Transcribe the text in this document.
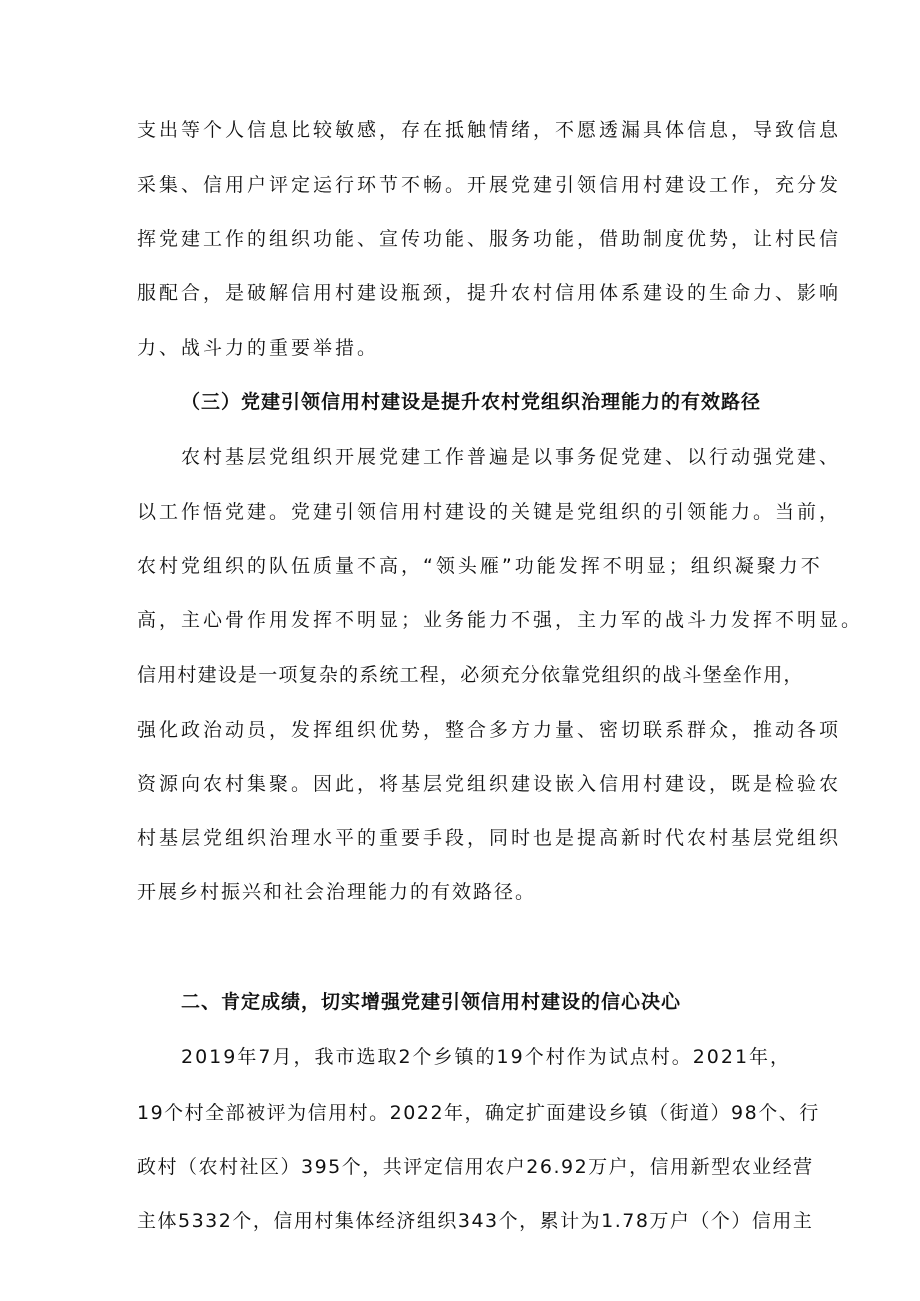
支出等个人信息比较敏感，存在抵触情绪，不愿透漏具体信息，导致信息
采集、信用户评定运行环节不畅。开展党建引领信用村建设工作，充分发
挥党建工作的组织功能、宣传功能、服务功能，借助制度优势，让村民信
服配合，是破解信用村建设瓶颈，提升农村信用体系建设的生命力、影响
力、战斗力的重要举措。
（三）党建引领信用村建设是提升农村党组织治理能力的有效路径
农村基层党组织开展党建工作普遍是以事务促党建、以行动强党建、
以工作悟党建。党建引领信用村建设的关键是党组织的引领能力。当前，
农村党组织的队伍质量不高，“领头雁”功能发挥不明显；组织凝聚力不
高，主心骨作用发挥不明显；业务能力不强，主力军的战斗力发挥不明显。
信用村建设是一项复杂的系统工程，必须充分依靠党组织的战斗堡垒作用，
强化政治动员，发挥组织优势，整合多方力量、密切联系群众，推动各项
资源向农村集聚。因此，将基层党组织建设嵌入信用村建设，既是检验农
村基层党组织治理水平的重要手段，同时也是提高新时代农村基层党组织
开展乡村振兴和社会治理能力的有效路径。
二、肯定成绩，切实增强党建引领信用村建设的信心决心
2019年7月，我市选取2个乡镇的19个村作为试点村。2021年，
19个村全部被评为信用村。2022年，确定扩面建设乡镇（街道）98个、行
政村（农村社区）395个，共评定信用农户26.92万户，信用新型农业经营
主体5332个，信用村集体经济组织343个，累计为1.78万户（个）信用主
